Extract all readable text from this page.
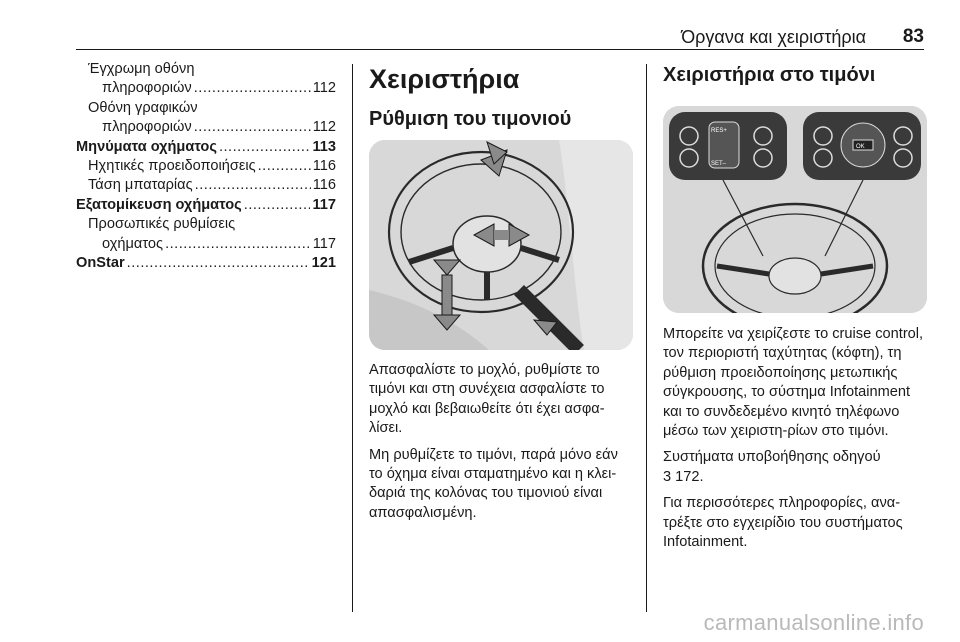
Όργανα και χειριστήρια 83
Έγχρωμη οθόνη
πληροφοριών .....	112
Οθόνη γραφικών
πληροφοριών .....	112
Μηνύματα οχήματος .....	113
Ηχητικές προειδοποιήσεις .....	116
Τάση μπαταρίας .....	116
Εξατομίκευση οχήματος .....	117
Προσωπικές ρυθμίσεις
οχήματος .....	117
OnStar .....	121
Χειριστήρια
Ρύθμιση του τιμονιού

Απασφαλίστε το μοχλό, ρυθμίστε το τιμόνι και στη συνέχεια ασφαλίστε το μοχλό και βεβαιωθείτε ότι έχει ασφα-λίσει.

Μη ρυθμίζετε το τιμόνι, παρά μόνο εάν το όχημα είναι σταματημένο και η κλει-δαριά της κολόνας του τιμονιού είναι απασφαλισμένη.

Χειριστήρια στο τιμόνι
RES+
SET–
OK

Μπορείτε να χειρίζεστε το cruise control, τον περιοριστή ταχύτητας (κόφτη), τη ρύθμιση προειδοποίησης μετωπικής σύγκρουσης, το σύστημα Infotainment και το συνδεδεμένο κινητό τηλέφωνο μέσω των χειριστη-ρίων στο τιμόνι.

Συστήματα υποβοήθησης οδηγού

3 172.

Για περισσότερες πληροφορίες, ανα-τρέξτε στο εγχειρίδιο του συστήματος Infotainment.

carmanualsonline.info
